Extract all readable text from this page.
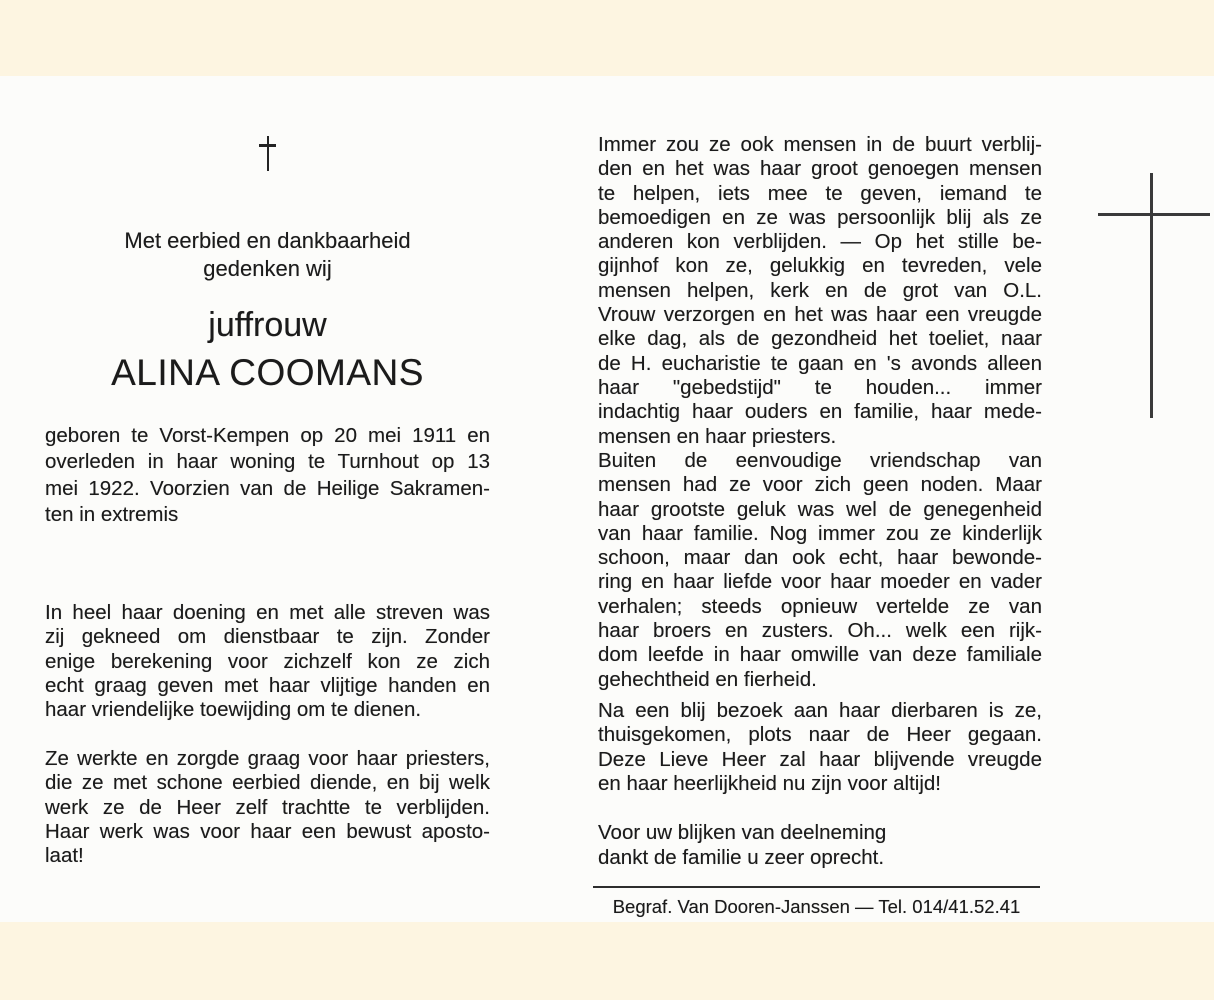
Met eerbied en dankbaarheid
gedenken wij
juffrouw
ALINA COOMANS
geboren te Vorst-Kempen op 20 mei 1911 en
overleden in haar woning te Turnhout op 13
mei 1922. Voorzien van de Heilige Sakramen-
ten in extremis
In heel haar doening en met alle streven was
zij gekneed om dienstbaar te zijn. Zonder
enige berekening voor zichzelf kon ze zich
echt graag geven met haar vlijtige handen en
haar vriendelijke toewijding om te dienen.
Ze werkte en zorgde graag voor haar priesters,
die ze met schone eerbied diende, en bij welk
werk ze de Heer zelf trachtte te verblijden.
Haar werk was voor haar een bewust aposto-
laat!
Immer zou ze ook mensen in de buurt verblij-
den en het was haar groot genoegen mensen
te helpen, iets mee te geven, iemand te
bemoedigen en ze was persoonlijk blij als ze
anderen kon verblijden. — Op het stille be-
gijnhof kon ze, gelukkig en tevreden, vele
mensen helpen, kerk en de grot van O.L.
Vrouw verzorgen en het was haar een vreugde
elke dag, als de gezondheid het toeliet, naar
de H. eucharistie te gaan en 's avonds alleen
haar "gebedstijd" te houden... immer
indachtig haar ouders en familie, haar mede-
mensen en haar priesters.
Buiten de eenvoudige vriendschap van
mensen had ze voor zich geen noden. Maar
haar grootste geluk was wel de genegenheid
van haar familie. Nog immer zou ze kinderlijk
schoon, maar dan ook echt, haar bewonde-
ring en haar liefde voor haar moeder en vader
verhalen; steeds opnieuw vertelde ze van
haar broers en zusters. Oh... welk een rijk-
dom leefde in haar omwille van deze familiale
gehechtheid en fierheid.
Na een blij bezoek aan haar dierbaren is ze,
thuisgekomen, plots naar de Heer gegaan.
Deze Lieve Heer zal haar blijvende vreugde
en haar heerlijkheid nu zijn voor altijd!
Voor uw blijken van deelneming
dankt de familie u zeer oprecht.
Begraf. Van Dooren-Janssen — Tel. 014/41.52.41
